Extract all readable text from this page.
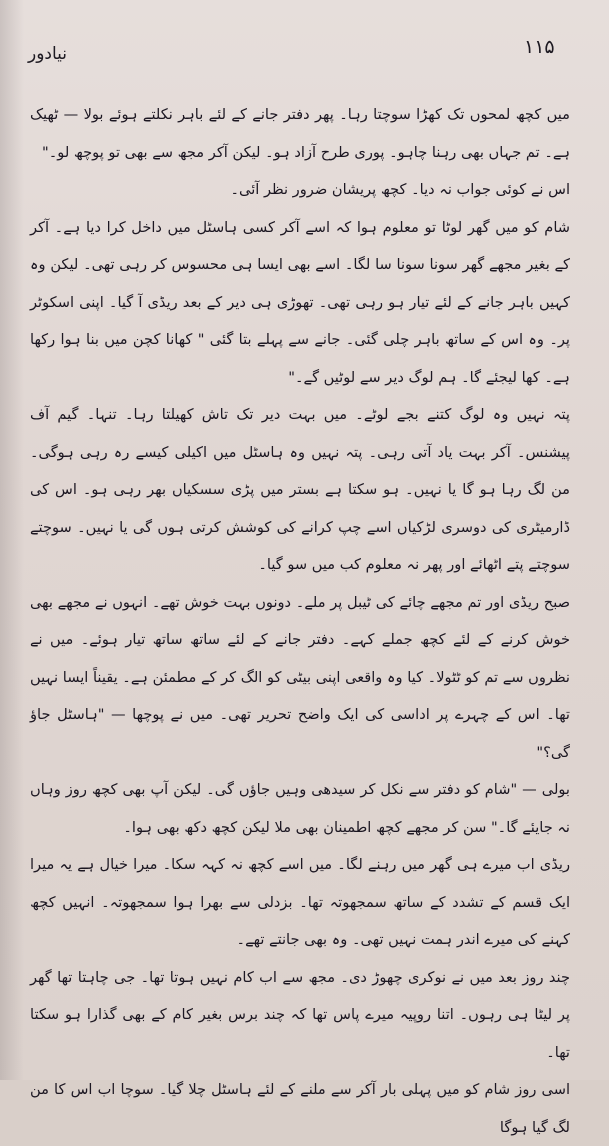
۱۱۵
نیادور

میں کچھ لمحوں تک کھڑا سوچتا رہا۔ پھر دفتر جانے کے لئے باہر نکلتے ہوئے بولا — ٹھیک ہے۔ تم جہاں بھی رہنا چاہو۔ پوری طرح آزاد ہو۔ لیکن آکر مجھ سے بھی تو پوچھ لو۔"

اس نے کوئی جواب نہ دیا۔ کچھ پریشان ضرور نظر آئی۔

شام کو میں گھر لوٹا تو معلوم ہوا کہ اسے آکر کسی ہاسٹل میں داخل کرا دیا ہے۔ آکر کے بغیر مجھے گھر سونا سونا سا لگا۔ اسے بھی ایسا ہی محسوس کر رہی تھی۔ لیکن وہ کہیں باہر جانے کے لئے تیار ہو رہی تھی۔ تھوڑی ہی دیر کے بعد ریڈی آ گیا۔ اپنی اسکوٹر پر۔ وہ اس کے ساتھ باہر چلی گئی۔ جانے سے پہلے بتا گئی " کھانا کچن میں بنا ہوا رکھا ہے۔ کھا لیجئے گا۔ ہم لوگ دیر سے لوٹیں گے۔"

پتہ نہیں وہ لوگ کتنے بجے لوٹے۔ میں بہت دیر تک تاش کھیلتا رہا۔ تنہا۔ گیم آف پیشنس۔ آکر بہت یاد آتی رہی۔ پتہ نہیں وہ ہاسٹل میں اکیلی کیسے رہ رہی ہوگی۔ من لگ رہا ہو گا یا نہیں۔ ہو سکتا ہے بستر میں پڑی سسکیاں بھر رہی ہو۔ اس کی ڈارمیٹری کی دوسری لڑکیاں اسے چپ کرانے کی کوشش کرتی ہوں گی یا نہیں۔ سوچتے سوچتے پتے اٹھائے اور پھر نہ معلوم کب میں سو گیا۔

صبح ریڈی اور تم مجھے چائے کی ٹیبل پر ملے۔ دونوں بہت خوش تھے۔ انہوں نے مجھے بھی خوش کرنے کے لئے کچھ جملے کہے۔ دفتر جانے کے لئے ساتھ ساتھ تیار ہوئے۔ میں نے نظروں سے تم کو ٹٹولا۔ کیا وہ واقعی اپنی بیٹی کو الگ کر کے مطمئن ہے۔ یقیناً ایسا نہیں تھا۔ اس کے چہرے پر اداسی کی ایک واضح تحریر تھی۔ میں نے پوچھا — "ہاسٹل جاؤ گی؟"

بولی — "شام کو دفتر سے نکل کر سیدھی وہیں جاؤں گی۔ لیکن آپ بھی کچھ روز وہاں نہ جایئے گا۔" سن کر مجھے کچھ اطمینان بھی ملا لیکن کچھ دکھ بھی ہوا۔

ریڈی اب میرے ہی گھر میں رہنے لگا۔ میں اسے کچھ نہ کہہ سکا۔ میرا خیال ہے یہ میرا ایک قسم کے تشدد کے ساتھ سمجھوتہ تھا۔ بزدلی سے بھرا ہوا سمجھوتہ۔ انہیں کچھ کہنے کی میرے اندر ہمت نہیں تھی۔ وہ بھی جانتے تھے۔

چند روز بعد میں نے نوکری چھوڑ دی۔ مجھ سے اب کام نہیں ہوتا تھا۔ جی چاہتا تھا گھر پر لیٹا ہی رہوں۔ اتنا روپیہ میرے پاس تھا کہ چند برس بغیر کام کے بھی گذارا ہو سکتا تھا۔

اسی روز شام کو میں پہلی بار آکر سے ملنے کے لئے ہاسٹل چلا گیا۔ سوچا اب اس کا من لگ گیا ہوگا
